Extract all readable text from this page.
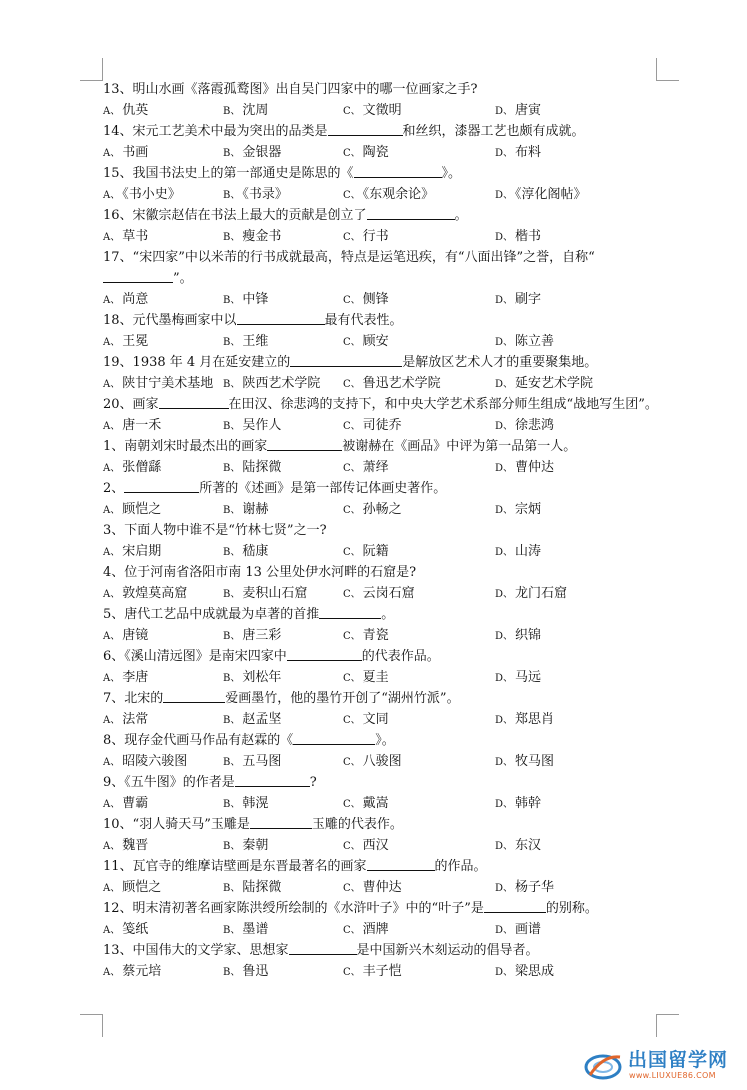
13、明山水画《落霞孤鹜图》出自吴门四家中的哪一位画家之手?
A、 仇英	B、 沈周	C、 文徵明	D、 唐寅
14、宋元工艺美术中最为突出的品类是	和丝织，漆器工艺也颇有成就。
A、 书画	B、 金银器	C、 陶瓷	D、 布料
15、我国书法史上的第一部通史是陈思的《	》。
A、 《书小史》	B、 《书录》	C、 《东观余论》	D、 《淳化阁帖》
16、宋徽宗赵佶在书法上最大的贡献是创立了	。
A、 草书	B、 瘦金书	C、 行书	D、 楷书
17、“宋四家”中以米芾的行书成就最高，特点是运笔迅疾，有“八面出锋”之誉，自称“”。
A、 尚意	B、 中锋	C、 侧锋	D、 刷字
18、元代墨梅画家中以	最有代表性。
A、 王冕	B、 王维	C、 顾安	D、 陈立善
19、1938 年 4 月在延安建立的	是解放区艺术人才的重要聚集地。
A、 陕甘宁美术基地 B、 陕西艺术学院 C、 鲁迅艺术学院	D、 延安艺术学院
20、画家	在田汉、徐悲鸿的支持下，和中央大学艺术系部分师生组成“战地写生团”。
A、 唐一禾	B、 吴作人	C、 司徒乔	D、 徐悲鸿
1、南朝刘宋时最杰出的画家	被谢赫在《画品》中评为第一品第一人。
A、 张僧繇	B、 陆探微	C、 萧绎	D、 曹仲达
2、	所著的《述画》是第一部传记体画史著作。
A、 顾恺之	B、 谢赫	C、 孙畅之	D、 宗炳
3、下面人物中谁不是“竹林七贤”之一?
A、 宋启期	B、 嵇康	C、 阮籍	D、 山涛
4、位于河南省洛阳市南 13 公里处伊水河畔的石窟是?
A、 敦煌莫高窟	B、 麦积山石窟	C、 云岗石窟	D、 龙门石窟
5、唐代工艺品中成就最为卓著的首推	。
A、 唐镜	B、 唐三彩	C、 青瓷	D、 织锦
6、《溪山清远图》是南宋四家中	的代表作品。
A、 李唐	B、 刘松年	C、 夏圭	D、 马远
7、北宋的	爱画墨竹，他的墨竹开创了“湖州竹派”。
A、 法常	B、 赵孟坚	C、 文同	D、 郑思肖
8、现存金代画马作品有赵霖的《	》。
A、 昭陵六骏图	B、 五马图	C、 八骏图	D、 牧马图
9、《五牛图》的作者是	?
A、 曹霸	B、 韩滉	C、 戴嵩	D、 韩幹
10、“羽人骑天马”玉雕是	玉雕的代表作。
A、 魏晋	B、 秦朝	C、 西汉	D、 东汉
11、瓦官寺的维摩诘壁画是东晋最著名的画家	的作品。
A、 顾恺之	B、 陆探微	C、 曹仲达	D、 杨子华
12、明末清初著名画家陈洪绶所绘制的《水浒叶子》中的“叶子”是	的别称。
A、 笺纸	B、 墨谱	C、 酒牌	D、 画谱
13、中国伟大的文学家、思想家	是中国新兴木刻运动的倡导者。
A、 蔡元培	B、 鲁迅	C、 丰子恺	D、 梁思成
出国留学网
www.LIUXUE86.COM
